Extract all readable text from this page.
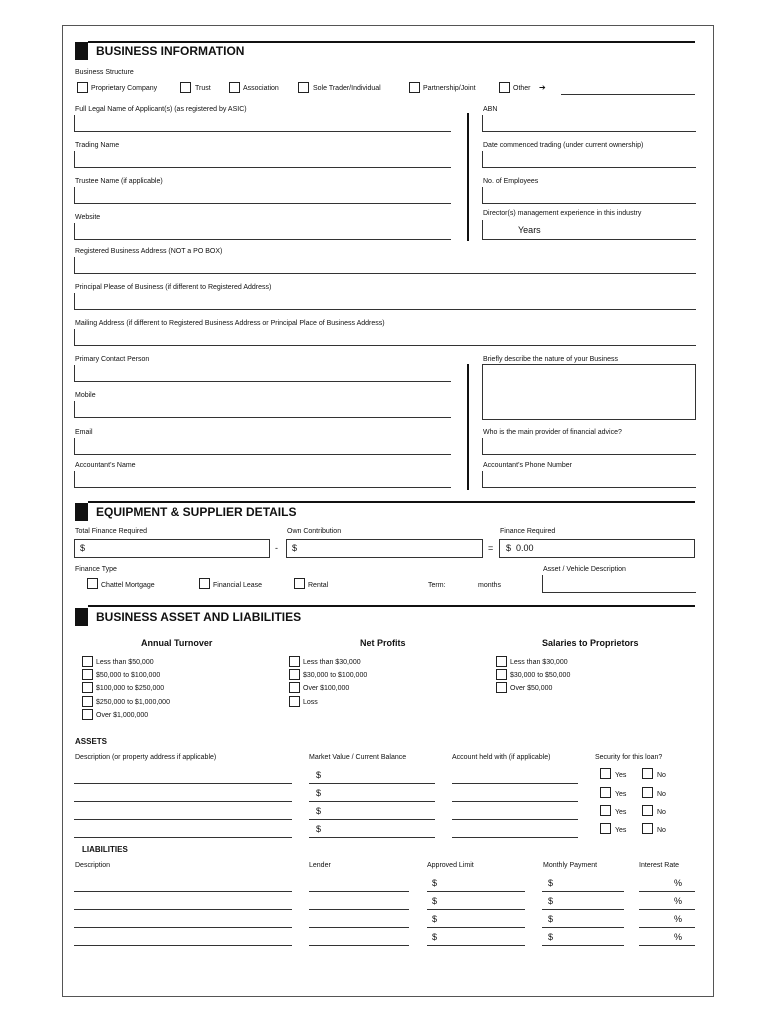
BUSINESS INFORMATION
Business Structure
Proprietary Company	Trust	Association	Sole Trader/Individual	Partnership/Joint	Other ➔
Full Legal Name of Applicant(s) (as registered by ASIC)
Trading Name
Trustee Name (if applicable)
Website
ABN
Date commenced trading (under current ownership)
No. of Employees
Director(s) management experience in this industry
Years
Registered Business Address (NOT a PO BOX)
Principal Please of Business (if different to Registered Address)
Mailing Address (if different to Registered Business Address or Principal Place of Business Address)
Primary Contact Person
Mobile
Email
Accountant’s Name
Briefly describe the nature of your Business
Who is the main provider of financial advice?
Accountant’s Phone Number
EQUIPMENT & SUPPLIER DETAILS
Total Finance Required	Own Contribution	Finance Required
$	- $	= $  0.00
Finance Type	Asset / Vehicle Description
Chattel Mortgage	Financial Lease	Rental	Term:	months
BUSINESS ASSET AND LIABILITIES
Annual Turnover	Net Profits	Salaries to Proprietors
Less than $50,000
$50,000 to $100,000
$100,000 to $250,000
$250,000 to $1,000,000
Over $1,000,000
Less than $30,000
$30,000 to $100,000
Over $100,000
Loss
Less than $30,000
$30,000 to $50,000
Over $50,000
ASSETS
Description (or property address if applicable)	Market Value / Current Balance	Account held with (if applicable)	Security for this loan?
$	Yes	No
$	Yes	No
$	Yes	No
$	Yes	No
LIABILITIES
Description	Lender	Approved Limit	Monthly Payment	Interest Rate
$	$	%
$	$	%
$	$	%
$	$	%
